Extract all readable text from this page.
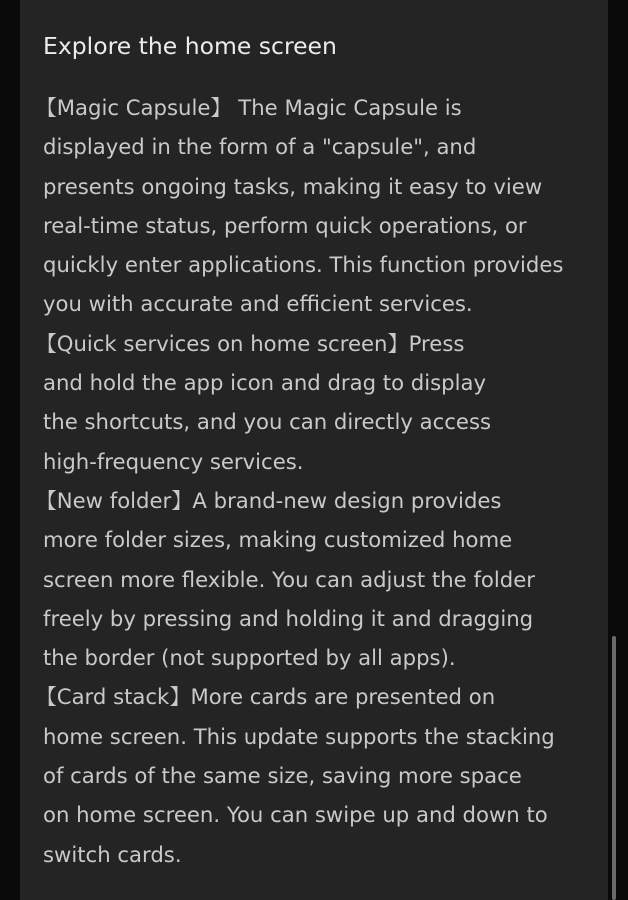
Explore the home screen
【Magic Capsule】 The Magic Capsule is
displayed in the form of a "capsule", and
presents ongoing tasks, making it easy to view
real-time status, perform quick operations, or
quickly enter applications. This function provides
you with accurate and efficient services.
【Quick services on home screen】Press
and hold the app icon and drag to display
the shortcuts, and you can directly access
high-frequency services.
【New folder】A brand-new design provides
more folder sizes, making customized home
screen more flexible. You can adjust the folder
freely by pressing and holding it and dragging
the border (not supported by all apps).
【Card stack】More cards are presented on
home screen. This update supports the stacking
of cards of the same size, saving more space
on home screen. You can swipe up and down to
switch cards.
